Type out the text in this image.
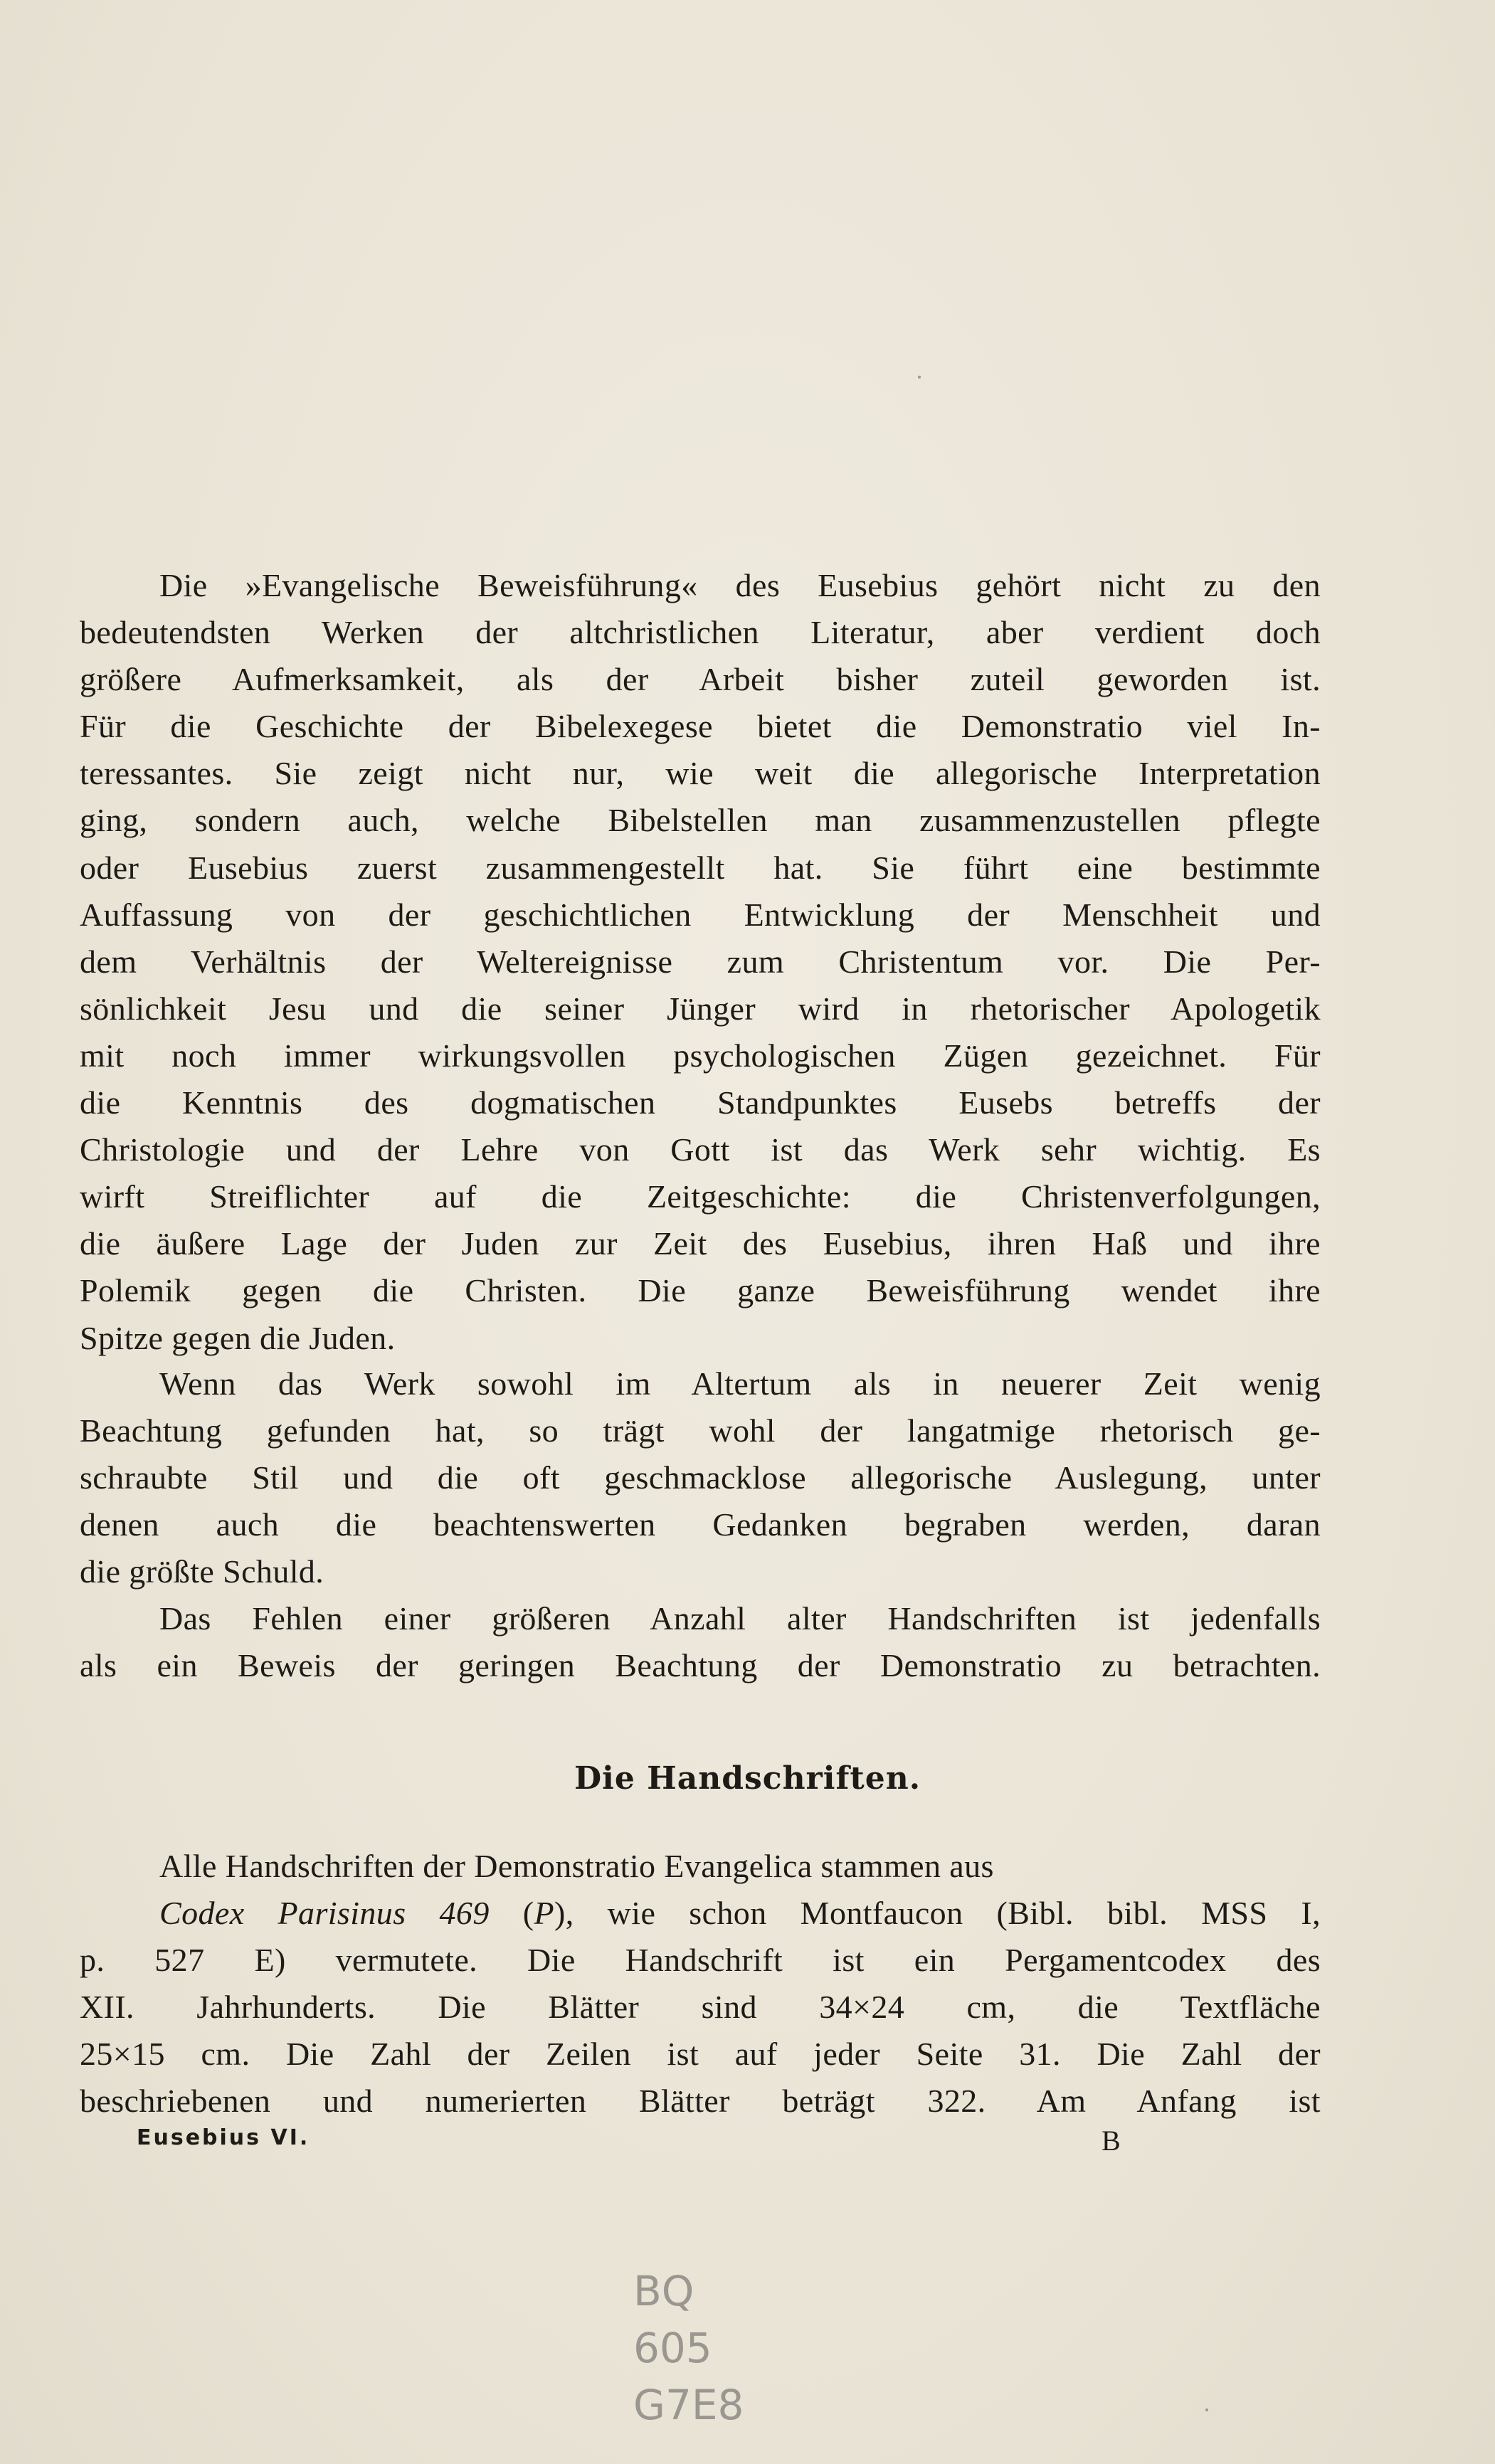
Die »Evangelische Beweisführung« des Eusebius gehört nicht zu den
bedeutendsten Werken der altchristlichen Literatur, aber verdient doch
größere Aufmerksamkeit, als der Arbeit bisher zuteil geworden ist.
Für die Geschichte der Bibelexegese bietet die Demonstratio viel In-
teressantes. Sie zeigt nicht nur, wie weit die allegorische Interpretation
ging, sondern auch, welche Bibelstellen man zusammenzustellen pflegte
oder Eusebius zuerst zusammengestellt hat. Sie führt eine bestimmte
Auffassung von der geschichtlichen Entwicklung der Menschheit und
dem Verhältnis der Weltereignisse zum Christentum vor. Die Per-
sönlichkeit Jesu und die seiner Jünger wird in rhetorischer Apologetik
mit noch immer wirkungsvollen psychologischen Zügen gezeichnet. Für
die Kenntnis des dogmatischen Standpunktes Eusebs betreffs der
Christologie und der Lehre von Gott ist das Werk sehr wichtig. Es
wirft Streiflichter auf die Zeitgeschichte: die Christenverfolgungen,
die äußere Lage der Juden zur Zeit des Eusebius, ihren Haß und ihre
Polemik gegen die Christen. Die ganze Beweisführung wendet ihre
Spitze gegen die Juden.
Wenn das Werk sowohl im Altertum als in neuerer Zeit wenig
Beachtung gefunden hat, so trägt wohl der langatmige rhetorisch ge-
schraubte Stil und die oft geschmacklose allegorische Auslegung, unter
denen auch die beachtenswerten Gedanken begraben werden, daran
die größte Schuld.
Das Fehlen einer größeren Anzahl alter Handschriften ist jedenfalls
als ein Beweis der geringen Beachtung der Demonstratio zu betrachten.
Die Handschriften.
Alle Handschriften der Demonstratio Evangelica stammen aus
Codex Parisinus 469 (P), wie schon Montfaucon (Bibl. bibl. MSS I,
p. 527 E) vermutete. Die Handschrift ist ein Pergamentcodex des
XII. Jahrhunderts. Die Blätter sind 34×24 cm, die Textfläche
25×15 cm. Die Zahl der Zeilen ist auf jeder Seite 31. Die Zahl der
beschriebenen und numerierten Blätter beträgt 322. Am Anfang ist
Eusebius VI.	B
BQ
605
G7E8
